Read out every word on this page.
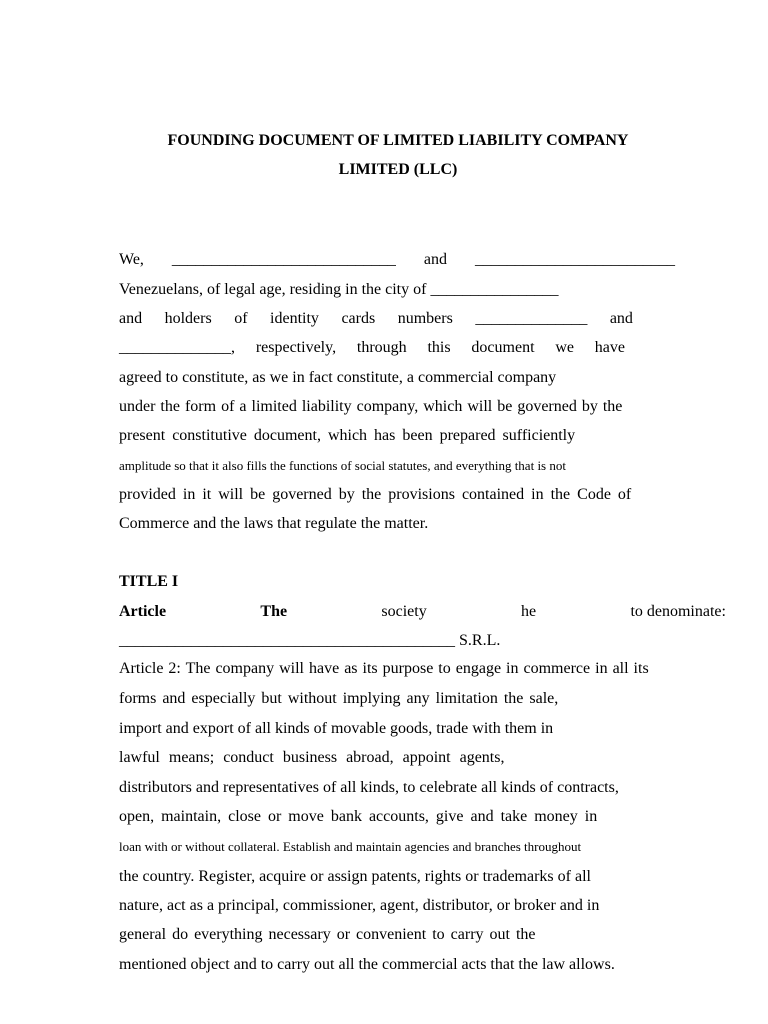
FOUNDING DOCUMENT OF LIMITED LIABILITY COMPANY
LIMITED (LLC)
We, ____________________________ and _________________________
Venezuelans, of legal age, residing in the city of ________________
and holders of identity cards numbers ______________ and
______________, respectively, through this document we have
agreed to constitute, as we in fact constitute, a commercial company
under the form of a limited liability company, which will be governed by the
present constitutive document, which has been prepared sufficiently
amplitude so that it also fills the functions of social statutes, and everything that is not
provided in it will be governed by the provisions contained in the Code of
Commerce and the laws that regulate the matter.
TITLE I
Article	The	society	he	to denominate:
__________________________________________ S.R.L.
Article 2: The company will have as its purpose to engage in commerce in all its
forms and especially but without implying any limitation the sale,
import and export of all kinds of movable goods, trade with them in
lawful means; conduct business abroad, appoint agents,
distributors and representatives of all kinds, to celebrate all kinds of contracts,
open, maintain, close or move bank accounts, give and take money in
loan with or without collateral. Establish and maintain agencies and branches throughout
the country. Register, acquire or assign patents, rights or trademarks of all
nature, act as a principal, commissioner, agent, distributor, or broker and in
general do everything necessary or convenient to carry out the
mentioned object and to carry out all the commercial acts that the law allows.
